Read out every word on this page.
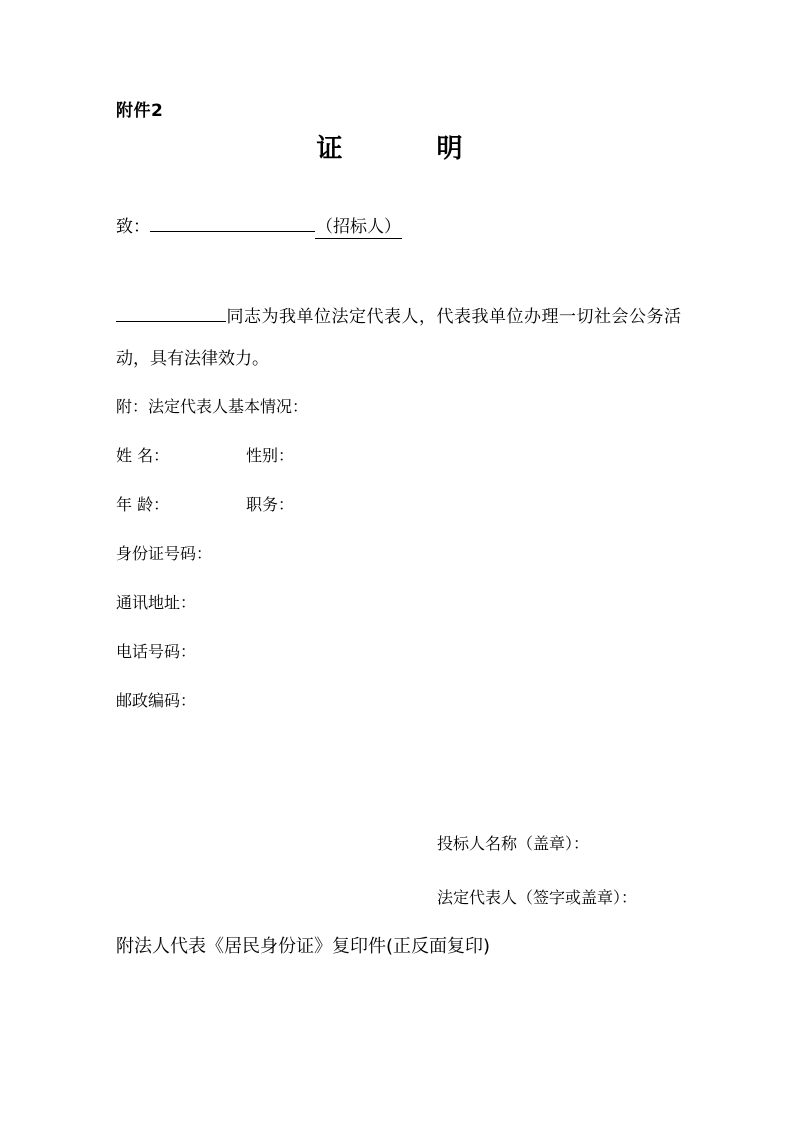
附件2
证　　明
致：	（招标人）
同志为我单位法定代表人，代表我单位办理一切社会公务活动，具有法律效力。
附：法定代表人基本情况：
姓 名：	性别：
年 龄：	职务：
身份证号码：
通讯地址：
电话号码：
邮政编码：
投标人名称（盖章）：
法定代表人（签字或盖章）：
附法人代表《居民身份证》复印件(正反面复印)
